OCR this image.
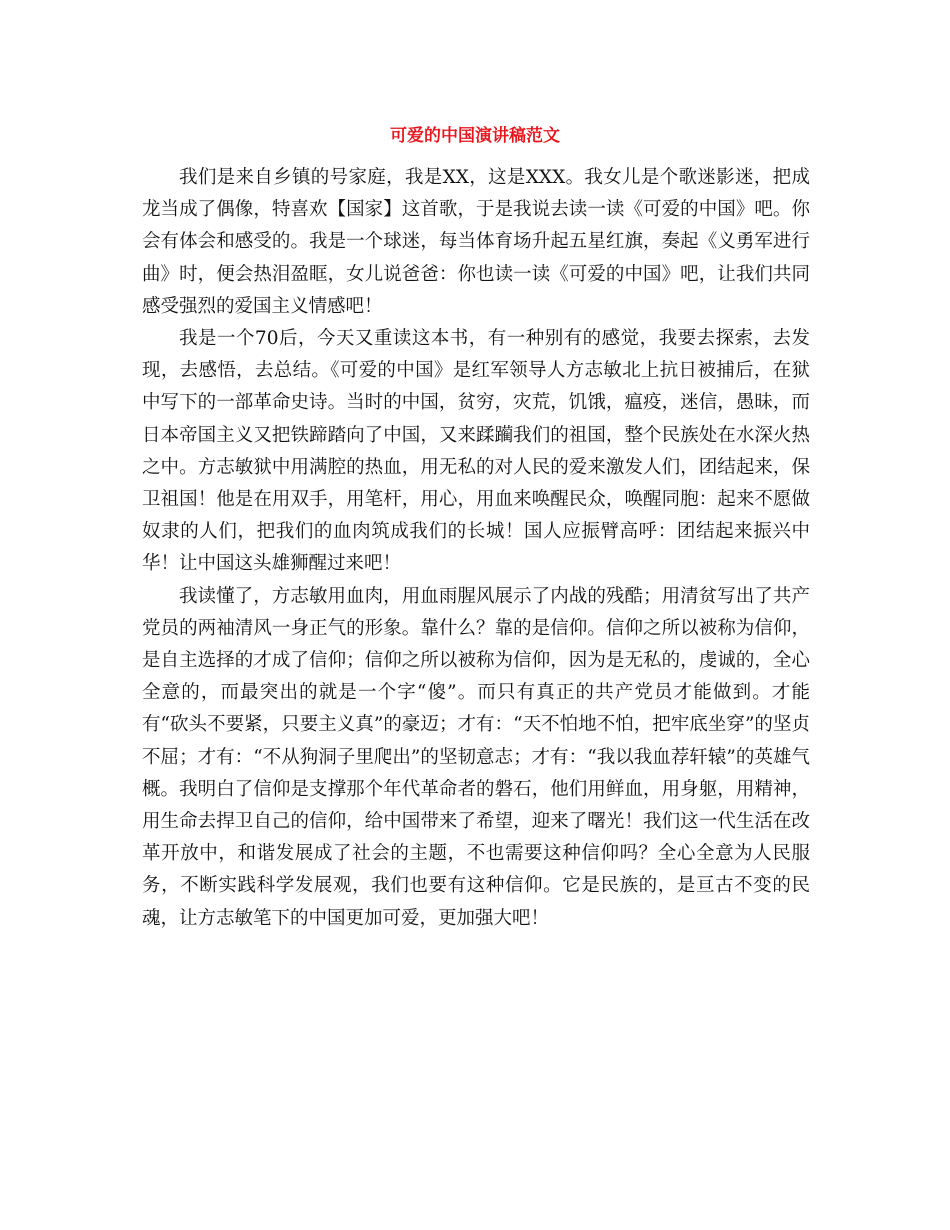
可爱的中国演讲稿范文

我们是来自乡镇的号家庭，我是XX，这是XXX。我女儿是个歌迷影迷，把成龙当成了偶像，特喜欢【国家】这首歌，于是我说去读一读《可爱的中国》吧。你会有体会和感受的。我是一个球迷，每当体育场升起五星红旗，奏起《义勇军进行曲》时，便会热泪盈眶，女儿说爸爸：你也读一读《可爱的中国》吧，让我们共同感受强烈的爱国主义情感吧！

我是一个70后，今天又重读这本书，有一种别有的感觉，我要去探索，去发现，去感悟，去总结。《可爱的中国》是红军领导人方志敏北上抗日被捕后，在狱中写下的一部革命史诗。当时的中国，贫穷，灾荒，饥饿，瘟疫，迷信，愚昧，而日本帝国主义又把铁蹄踏向了中国，又来蹂躏我们的祖国，整个民族处在水深火热之中。方志敏狱中用满腔的热血，用无私的对人民的爱来激发人们，团结起来，保卫祖国！他是在用双手，用笔杆，用心，用血来唤醒民众，唤醒同胞：起来不愿做奴隶的人们，把我们的血肉筑成我们的长城！国人应振臂高呼：团结起来振兴中华！让中国这头雄狮醒过来吧！

我读懂了，方志敏用血肉，用血雨腥风展示了内战的残酷；用清贫写出了共产党员的两袖清风一身正气的形象。靠什么？靠的是信仰。信仰之所以被称为信仰，是自主选择的才成了信仰；信仰之所以被称为信仰，因为是无私的，虔诚的，全心全意的，而最突出的就是一个字“傻”。而只有真正的共产党员才能做到。才能有“砍头不要紧，只要主义真”的豪迈；才有：“天不怕地不怕，把牢底坐穿”的坚贞不屈；才有：“不从狗洞子里爬出”的坚韧意志；才有：“我以我血荐轩辕”的英雄气概。我明白了信仰是支撑那个年代革命者的磐石，他们用鲜血，用身躯，用精神，用生命去捍卫自己的信仰，给中国带来了希望，迎来了曙光！我们这一代生活在改革开放中，和谐发展成了社会的主题，不也需要这种信仰吗？全心全意为人民服务，不断实践科学发展观，我们也要有这种信仰。它是民族的，是亘古不变的民魂，让方志敏笔下的中国更加可爱，更加强大吧！
